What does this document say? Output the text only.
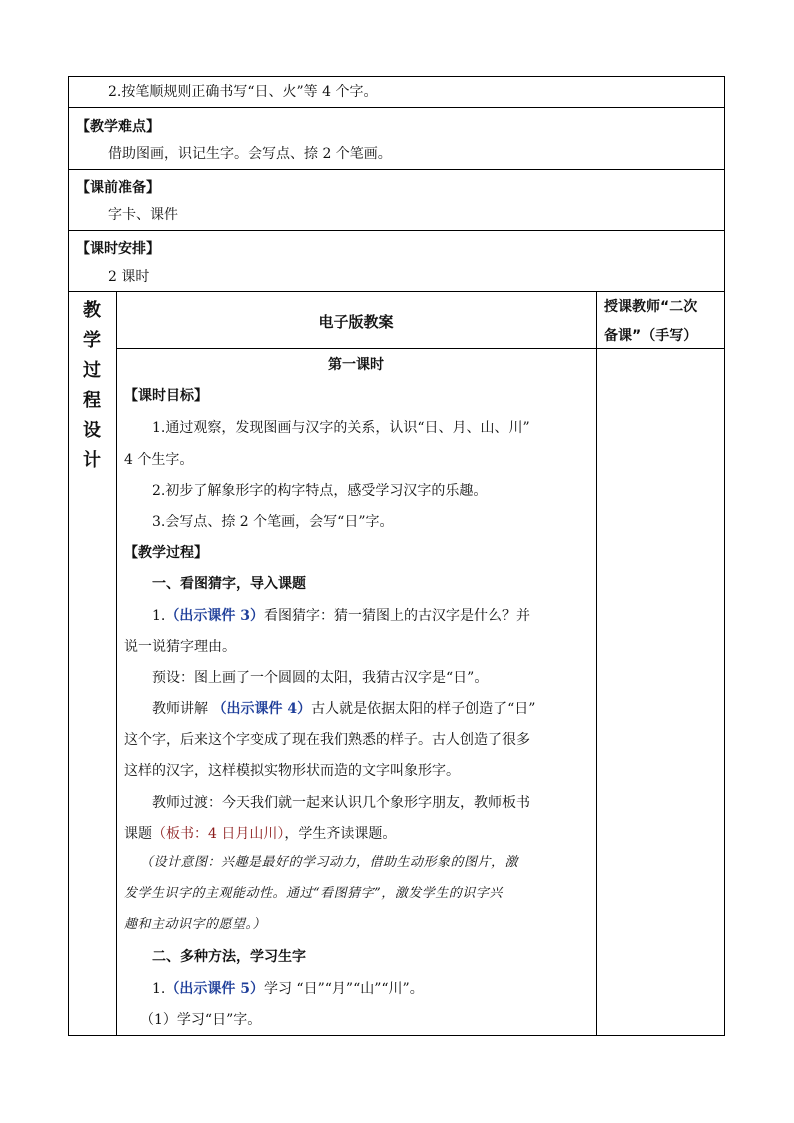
2.按笔顺规则正确书写“日、火”等 4 个字。
【教学难点】
借助图画，识记生字。会写点、捺 2 个笔画。
【课前准备】
字卡、课件
【课时安排】
2 课时
教
学
过
程
设
计
电子版教案
授课教师“二次
备课”（手写）
第一课时
【课时目标】
1.通过观察，发现图画与汉字的关系，认识“日、月、山、川”
4 个生字。
2.初步了解象形字的构字特点，感受学习汉字的乐趣。
3.会写点、捺 2 个笔画，会写“日”字。
【教学过程】
一、看图猜字，导入课题
1.（出示课件 3）看图猜字：猜一猜图上的古汉字是什么？并
说一说猜字理由。
预设：图上画了一个圆圆的太阳，我猜古汉字是“日”。
教师讲解 （出示课件 4）古人就是依据太阳的样子创造了“日”
这个字，后来这个字变成了现在我们熟悉的样子。古人创造了很多
这样的汉字，这样模拟实物形状而造的文字叫象形字。
教师过渡：今天我们就一起来认识几个象形字朋友，教师板书
课题（板书：4 日月山川），学生齐读课题。
（设计意图：兴趣是最好的学习动力，借助生动形象的图片，激
发学生识字的主观能动性。通过“看图猜字”，激发学生的识字兴
趣和主动识字的愿望。）
二、多种方法，学习生字
1.（出示课件 5）学习 “日”“月”“山”“川”。
（1）学习“日”字。
